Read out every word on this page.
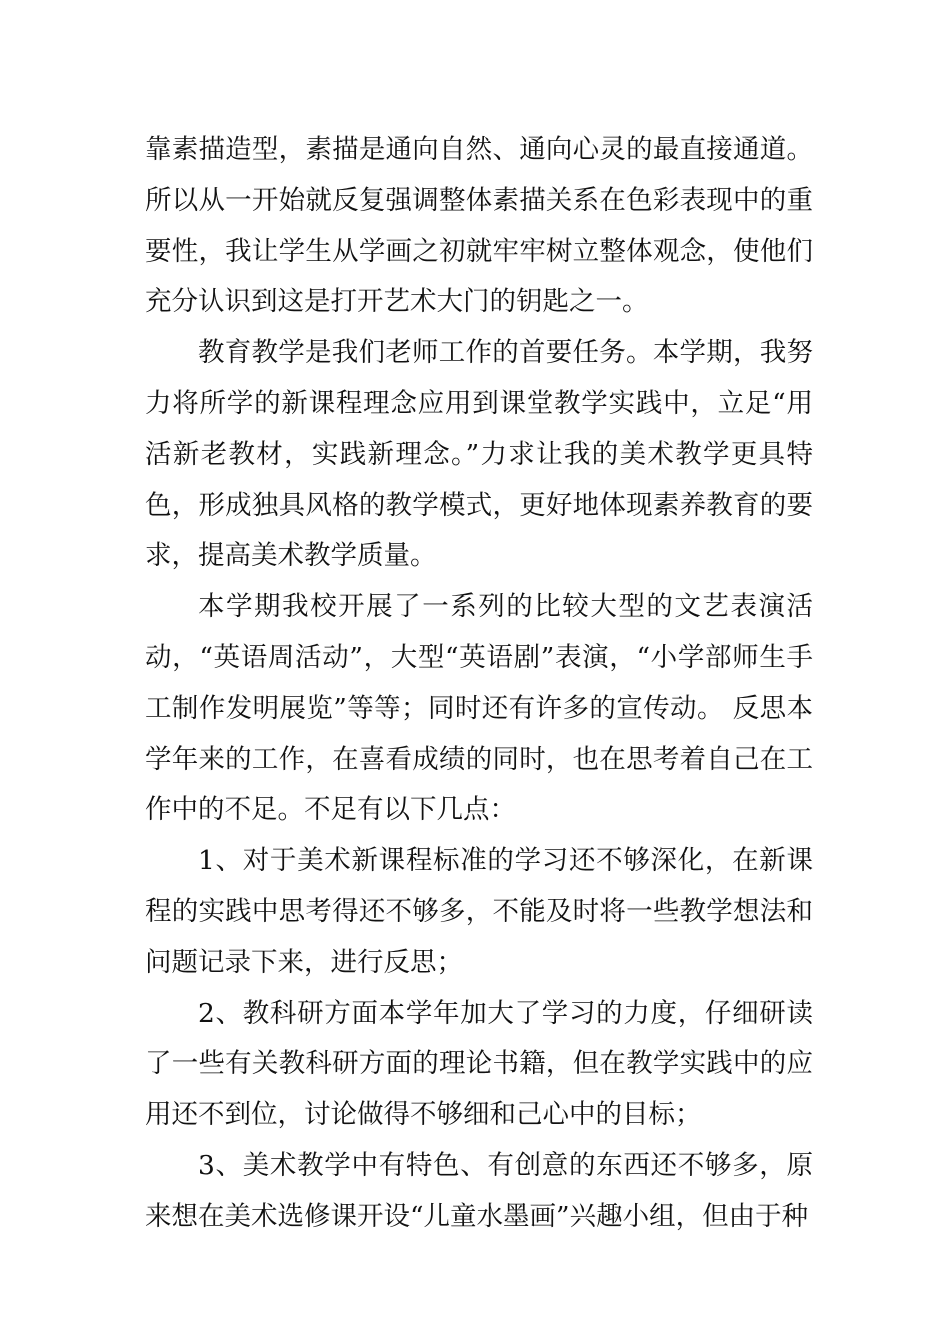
靠素描造型，素描是通向自然、通向心灵的最直接通道。所以从一开始就反复强调整体素描关系在色彩表现中的重要性，我让学生从学画之初就牢牢树立整体观念，使他们充分认识到这是打开艺术大门的钥匙之一。

教育教学是我们老师工作的首要任务。本学期，我努力将所学的新课程理念应用到课堂教学实践中，立足“用活新老教材，实践新理念。”力求让我的美术教学更具特色，形成独具风格的教学模式，更好地体现素养教育的要求，提高美术教学质量。

本学期我校开展了一系列的比较大型的文艺表演活动，“英语周活动”，大型“英语剧”表演，“小学部师生手工制作发明展览”等等；同时还有许多的宣传动。 反思本学年来的工作，在喜看成绩的同时，也在思考着自己在工作中的不足。不足有以下几点：

1、对于美术新课程标准的学习还不够深化，在新课程的实践中思考得还不够多，不能及时将一些教学想法和问题记录下来，进行反思；

2、教科研方面本学年加大了学习的力度，仔细研读了一些有关教科研方面的理论书籍，但在教学实践中的应用还不到位，讨论做得不够细和己心中的目标；

3、美术教学中有特色、有创意的东西还不够多，原来想在美术选修课开设“儿童水墨画”兴趣小组，但由于种
